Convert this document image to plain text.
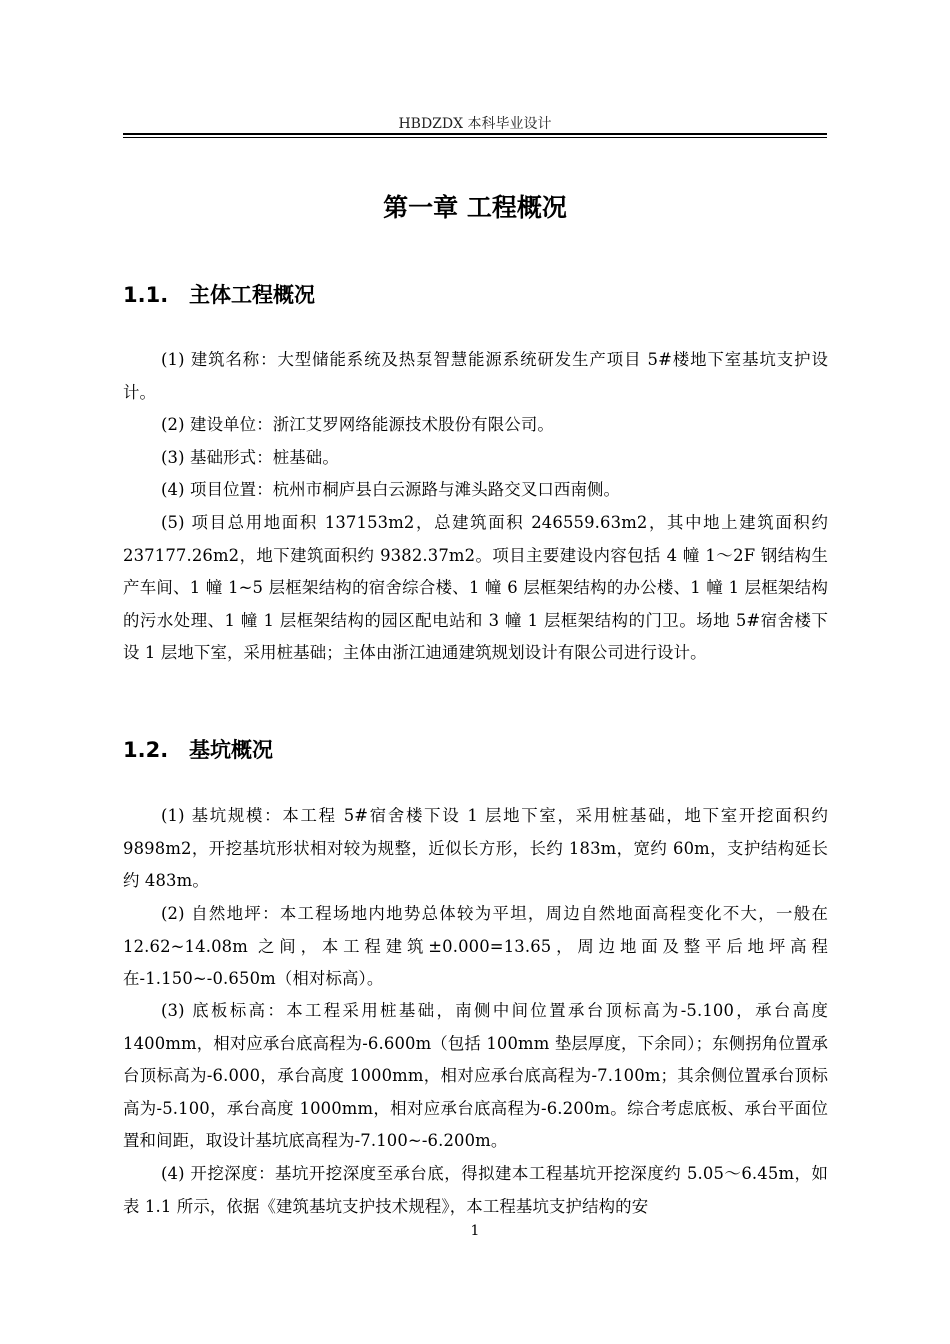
HBDZDX 本科毕业设计
第一章 工程概况
1.1. 主体工程概况

(1) 建筑名称：大型储能系统及热泵智慧能源系统研发生产项目 5#楼地下室基坑支护设计。

(2) 建设单位：浙江艾罗网络能源技术股份有限公司。

(3) 基础形式：桩基础。

(4) 项目位置：杭州市桐庐县白云源路与滩头路交叉口西南侧。

(5) 项目总用地面积 137153m2，总建筑面积 246559.63m2，其中地上建筑面积约 237177.26m2，地下建筑面积约 9382.37m2。项目主要建设内容包括 4 幢 1～2F 钢结构生产车间、1 幢 1~5 层框架结构的宿舍综合楼、1 幢 6 层框架结构的办公楼、1 幢 1 层框架结构的污水处理、1 幢 1 层框架结构的园区配电站和 3 幢 1 层框架结构的门卫。场地 5#宿舍楼下设 1 层地下室，采用桩基础；主体由浙江迪通建筑规划设计有限公司进行设计。

1.2. 基坑概况

(1) 基坑规模：本工程 5#宿舍楼下设 1 层地下室，采用桩基础，地下室开挖面积约 9898m2，开挖基坑形状相对较为规整，近似长方形，长约 183m，宽约 60m，支护结构延长约 483m。

(2) 自然地坪：本工程场地内地势总体较为平坦，周边自然地面高程变化不大，一般在 12.62~14.08m 之间，本工程建筑±0.000=13.65，周边地面及整平后地坪高程在-1.150~-0.650m（相对标高）。

(3) 底板标高：本工程采用桩基础，南侧中间位置承台顶标高为-5.100，承台高度 1400mm，相对应承台底高程为-6.600m（包括 100mm 垫层厚度，下余同）；东侧拐角位置承台顶标高为-6.000，承台高度 1000mm，相对应承台底高程为-7.100m；其余侧位置承台顶标高为-5.100，承台高度 1000mm，相对应承台底高程为-6.200m。综合考虑底板、承台平面位置和间距，取设计基坑底高程为-7.100~-6.200m。

(4) 开挖深度：基坑开挖深度至承台底，得拟建本工程基坑开挖深度约 5.05～6.45m，如表 1.1 所示，依据《建筑基坑支护技术规程》，本工程基坑支护结构的安

1
